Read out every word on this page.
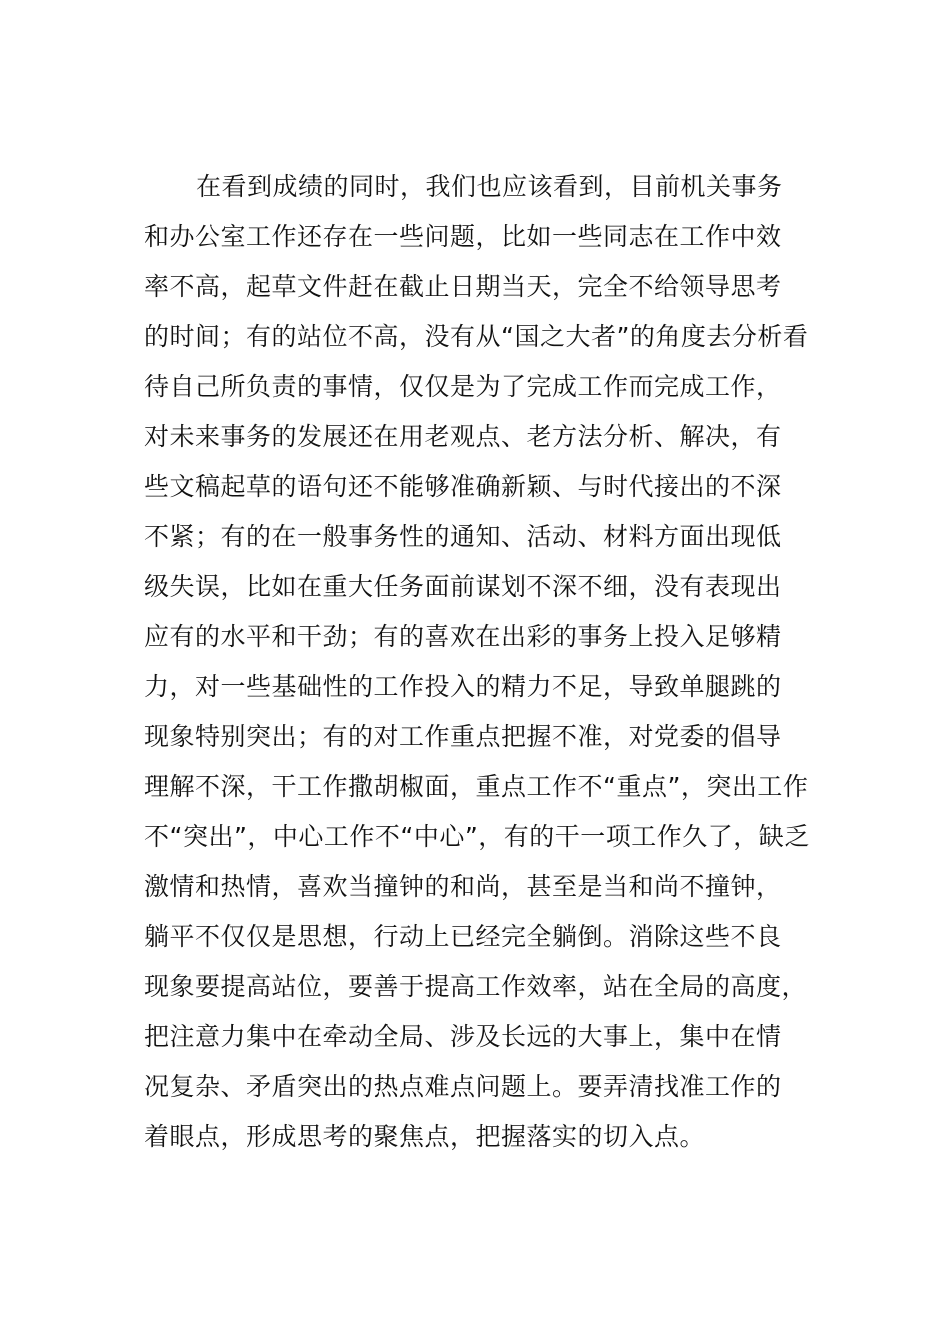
在看到成绩的同时，我们也应该看到，目前机关事务
和办公室工作还存在一些问题，比如一些同志在工作中效
率不高，起草文件赶在截止日期当天，完全不给领导思考
的时间；有的站位不高，没有从“国之大者”的角度去分析看
待自己所负责的事情，仅仅是为了完成工作而完成工作，
对未来事务的发展还在用老观点、老方法分析、解决，有
些文稿起草的语句还不能够准确新颖、与时代接出的不深
不紧；有的在一般事务性的通知、活动、材料方面出现低
级失误，比如在重大任务面前谋划不深不细，没有表现出
应有的水平和干劲；有的喜欢在出彩的事务上投入足够精
力，对一些基础性的工作投入的精力不足，导致单腿跳的
现象特别突出；有的对工作重点把握不准，对党委的倡导
理解不深，干工作撒胡椒面，重点工作不“重点”，突出工作
不“突出”，中心工作不“中心”，有的干一项工作久了，缺乏
激情和热情，喜欢当撞钟的和尚，甚至是当和尚不撞钟，
躺平不仅仅是思想，行动上已经完全躺倒。消除这些不良
现象要提高站位，要善于提高工作效率，站在全局的高度，
把注意力集中在牵动全局、涉及长远的大事上，集中在情
况复杂、矛盾突出的热点难点问题上。要弄清找准工作的
着眼点，形成思考的聚焦点，把握落实的切入点。
